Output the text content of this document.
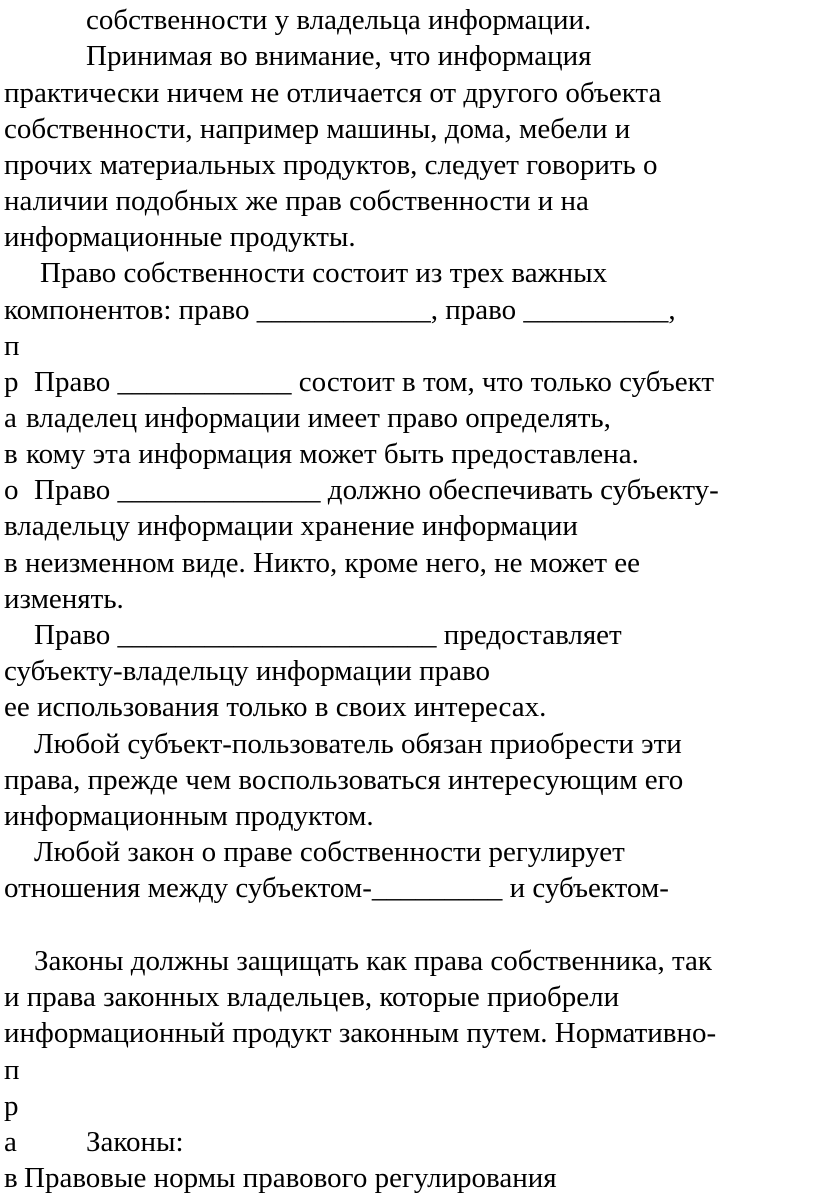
собственности у владельца информации.
Принимая во внимание, что информация
практически ничем не отличается от другого объекта
собственности, например машины, дома, мебели и
прочих материальных продуктов, следует говорить о
наличии подобных же прав собственности и на
информационные продукты.
Право собственности состоит из трех важных
компонентов: право ____________, право __________,
Право ____________ состоит в том, что только субъект
владелец информации имеет право определять,
кому эта информация может быть предоставлена.
Право ______________ должно обеспечивать субъекту-
владельцу информации хранение информации
в неизменном виде. Никто, кроме него, не может ее
изменять.
Право ______________________ предоставляет
субъекту-владельцу информации право
ее использования только в своих интересах.
Любой субъект-пользователь обязан приобрести эти
права, прежде чем воспользоваться интересующим его
информационным продуктом.
Любой закон о праве собственности регулирует
отношения между субъектом-_________ и субъектом-
Законы должны защищать как права собственника, так
и права законных владельцев, которые приобрели
информационный продукт законным путем. Нормативно-
Законы:
Правовые нормы правового регулирования
п
р
а
в
о
п
р
а
в
